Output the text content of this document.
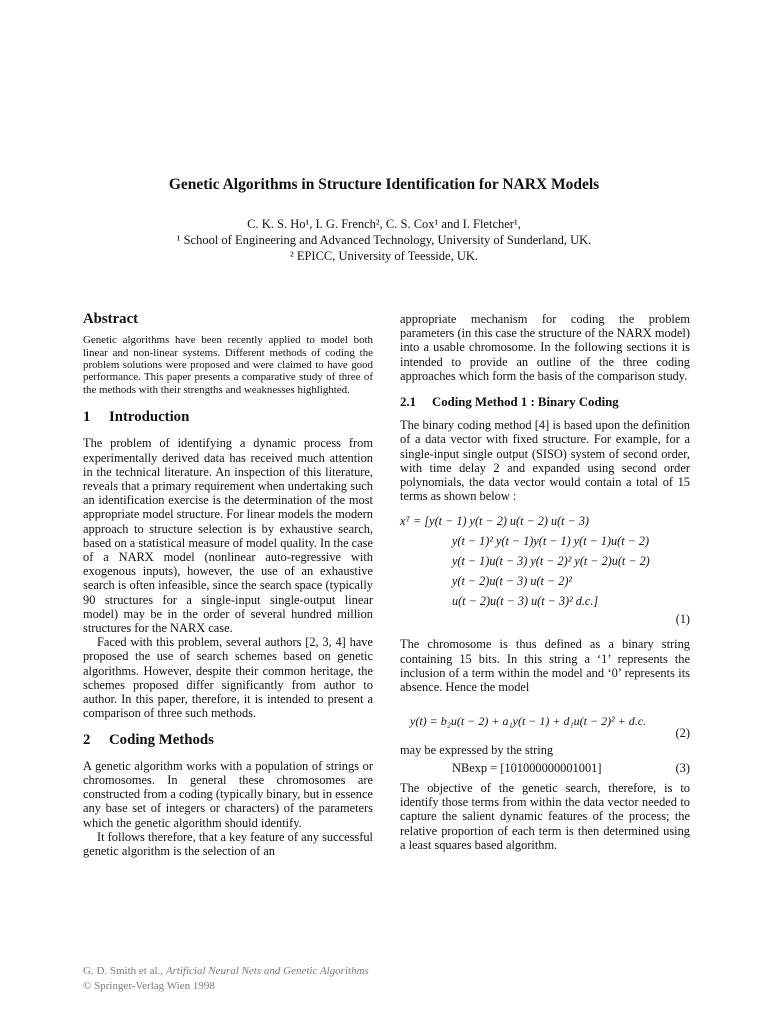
Genetic Algorithms in Structure Identification for NARX Models
C. K. S. Ho¹, I. G. French², C. S. Cox¹ and I. Fletcher¹,
¹ School of Engineering and Advanced Technology, University of Sunderland, UK.
² EPICC, University of Teesside, UK.
Abstract

Genetic algorithms have been recently applied to model both linear and non-linear systems. Different methods of coding the problem solutions were proposed and were claimed to have good performance. This paper presents a comparative study of three of the methods with their strengths and weaknesses highlighted.

1 Introduction

The problem of identifying a dynamic process from experimentally derived data has received much attention in the technical literature. An inspection of this literature, reveals that a primary requirement when undertaking such an identification exercise is the determination of the most appropriate model structure. For linear models the modern approach to structure selection is by exhaustive search, based on a statistical measure of model quality. In the case of a NARX model (nonlinear auto-regressive with exogenous inputs), however, the use of an exhaustive search is often infeasible, since the search space (typically 90 structures for a single-input single-output linear model) may be in the order of several hundred million structures for the NARX case.

Faced with this problem, several authors [2, 3, 4] have proposed the use of search schemes based on genetic algorithms. However, despite their common heritage, the schemes proposed differ significantly from author to author. In this paper, therefore, it is intended to present a comparison of three such methods.

2 Coding Methods

A genetic algorithm works with a population of strings or chromosomes. In general these chromosomes are constructed from a coding (typically binary, but in essence any base set of integers or characters) of the parameters which the genetic algorithm should identify.

It follows therefore, that a key feature of any successful genetic algorithm is the selection of an

appropriate mechanism for coding the problem parameters (in this case the structure of the NARX model) into a usable chromosome. In the following sections it is intended to provide an outline of the three coding approaches which form the basis of the comparison study.

2.1 Coding Method 1 : Binary Coding

The binary coding method [4] is based upon the definition of a data vector with fixed structure. For example, for a single-input single output (SISO) system of second order, with time delay 2 and expanded using second order polynomials, the data vector would contain a total of 15 terms as shown below :

xᵀ = [y(t − 1) y(t − 2) u(t − 2) u(t − 3)
y(t − 1)² y(t − 1)y(t − 1) y(t − 1)u(t − 2)
y(t − 1)u(t − 3) y(t − 2)² y(t − 2)u(t − 2)
y(t − 2)u(t − 3) u(t − 2)²
u(t − 2)u(t − 3) u(t − 3)² d.c.]
(1)

The chromosome is thus defined as a binary string containing 15 bits. In this string a ‘1’ represents the inclusion of a term within the model and ‘0’ represents its absence. Hence the model

y(t) = b₂u(t − 2) + a₁y(t − 1) + d₁u(t − 2)² + d.c.
(2)

may be expressed by the string

NBexp = [101000000001001]	(3)

The objective of the genetic search, therefore, is to identify those terms from within the data vector needed to capture the salient dynamic features of the process; the relative proportion of each term is then determined using a least squares based algorithm.

G. D. Smith et al., Artificial Neural Nets and Genetic Algorithms
© Springer-Verlag Wien 1998
